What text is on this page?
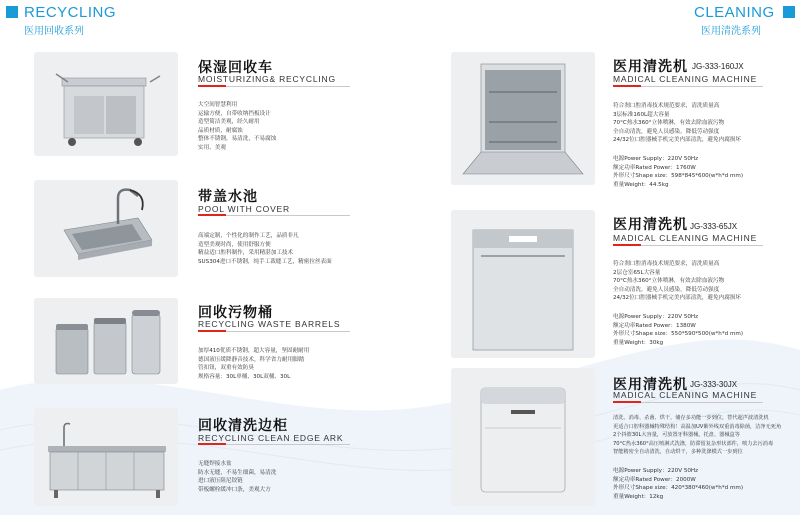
RECYCLING
医用回收系列
CLEANING
医用清洗系列
保湿回收车
MOISTURIZING& RECYCLING
大空间智慧利用
运输方便，自带收纳挡板设计
造型简洁美观，经久耐用
品质材质，耐腐蚀
整体不锈钢，易清洗，不易腐蚀
实用、美观
带盖水池
POOL WITH COVER
高端定制，个性化的制作工艺，品质非凡
造型美观时尚，使用舒服方便
精益适口腔科制作，采用精湛加工技术
SUS304进口不锈钢，纯手工裁缝工艺，精密拉丝表面
回收污物桶
RECYCLING WASTE BARRELS
加厚410优质不锈钢，超大容量，坚固耐耐用
德国液压缓降静音技术，科学省力耐用脚踏
管扣钮，双重有效防臭
规格容量：30L单桶、30L双桶、30L
回收清洗边柜
RECYCLING CLEAN EDGE ARK
无缝焊接水盆
防水无缝，不易生细菌，易清洗
进口液压阻尼铰链
带板螺栓缓冲口条，美观大方
医用清洗机 JG-333-160JX
MADICAL CLEANING MACHINE
符合刹口腔消毒技术规范要求，清洗质量高
3层标准160L超大容量
70°C热水360°立体喷淋，有效去除血液污物
全自动清洗，避免人员感染，降低劳动强度
24/32位口腔器械手机完美内部清洗，避免内腐损坏
电源Power Supply：220V 50Hz
额定功率Rated Power：1760W
外形尺寸Shape size：598*845*600(w*h*d mm)
重量Weight：44.5kg
医用清洗机 JG-333-65JX
MADICAL CLEANING MACHINE
符合刹口腔消毒技术规范要求，清洗质量高
2层仓室65L大容量
70°C热水360°立体喷淋，有效去除血液污物
全自动清洗，避免人员感染，降低劳动强度
24/32位口腔器械手机完美内部清洗，避免内腐损坏
电源Power Supply：220V 50Hz
额定功率Rated Power：1380W
外形尺寸Shape size：550*590*500(w*h*d mm)
重量Weight：30kg
医用清洗机 JG-333-30JX
MADICAL CLEANING MACHINE
清洗、消毒、杀菌、烘干，储存多功能一步到位，替代超声波清洗机
更适合口腔科器械特殊结构！高温加UV紫外线双重消毒除菌，洁净无死角
2个抖篮30L大容量，可放置牙科器械，托盘、器械盒等
70°C热水360°高压喷淋式洗涤，防滞留复杂形状部件，喷力去污消毒
智能精密全自动清洗，自动烘干，多种洗涤模式一步到位
电源Power Supply：220V 50Hz
额定功率Rated Power：2000W
外形尺寸Shape size：420*380*460(w*h*d mm)
重量Weight：12kg
